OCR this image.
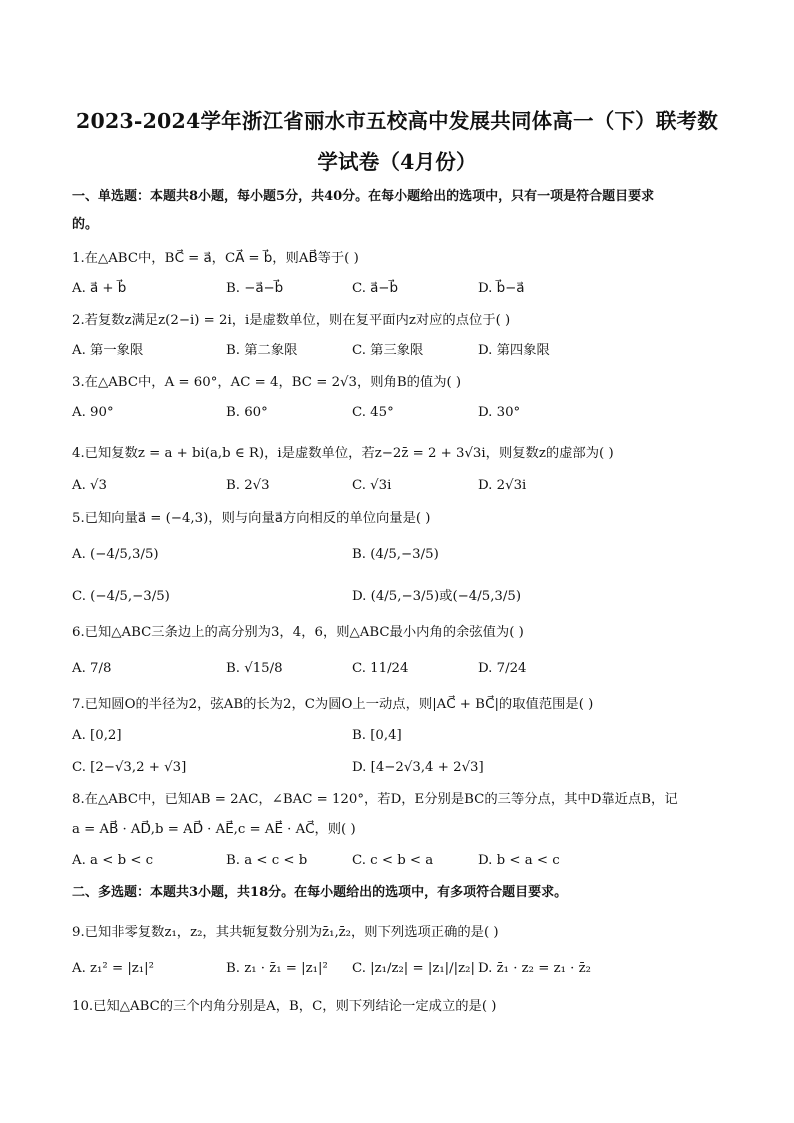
2023-2024学年浙江省丽水市五校高中发展共同体高一（下）联考数
学试卷（4月份）
一、单选题：本题共8小题，每小题5分，共40分。在每小题给出的选项中，只有一项是符合题目要求
的。
1.在△ABC中，BC⃗ = a⃗，CA⃗ = b⃗，则AB⃗等于( )
A. a⃗ + b⃗	B. −a⃗−b⃗	C. a⃗−b⃗	D. b⃗−a⃗
2.若复数z满足z(2−i) = 2i，i是虚数单位，则在复平面内z对应的点位于( )
A. 第一象限	B. 第二象限	C. 第三象限	D. 第四象限
3.在△ABC中，A = 60°，AC = 4，BC = 2√3，则角B的值为( )
A. 90°	B. 60°	C. 45°	D. 30°
4.已知复数z = a + bi(a,b ∈ R)，i是虚数单位，若z−2z̄ = 2 + 3√3i，则复数z的虚部为( )
A. √3	B. 2√3	C. √3i	D. 2√3i
5.已知向量a⃗ = (−4,3)，则与向量a⃗方向相反的单位向量是( )
A. (−4/5,3/5)	B. (4/5,−3/5)
C. (−4/5,−3/5)	D. (4/5,−3/5)或(−4/5,3/5)
6.已知△ABC三条边上的高分别为3，4，6，则△ABC最小内角的余弦值为( )
A. 7/8	B. √15/8	C. 11/24	D. 7/24
7.已知圆O的半径为2，弦AB的长为2，C为圆O上一动点，则|AC⃗ + BC⃗|的取值范围是( )
A. [0,2]	B. [0,4]
C. [2−√3,2 + √3]	D. [4−2√3,4 + 2√3]
8.在△ABC中，已知AB = 2AC，∠BAC = 120°，若D，E分别是BC的三等分点，其中D靠近点B，记
a = AB⃗ · AD⃗,b = AD⃗ · AE⃗,c = AE⃗ · AC⃗，则( )
A. a < b < c	B. a < c < b	C. c < b < a	D. b < a < c
二、多选题：本题共3小题，共18分。在每小题给出的选项中，有多项符合题目要求。
9.已知非零复数z₁，z₂，其共轭复数分别为z̄₁,z̄₂，则下列选项正确的是( )
A. z₁² = |z₁|²	B. z₁ · z̄₁ = |z₁|² C. |z₁/z₂| = |z₁|/|z₂| D. z̄₁ · z₂ = z₁ · z̄₂
10.已知△ABC的三个内角分别是A，B，C，则下列结论一定成立的是( )
